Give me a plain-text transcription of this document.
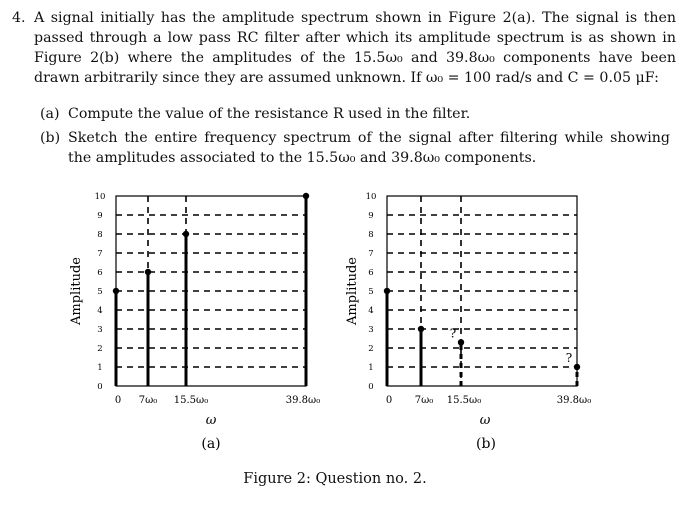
4. A signal initially has the amplitude spectrum shown in Figure 2(a). The signal is then passed through a low pass RC filter after which its amplitude spectrum is as shown in Figure 2(b) where the amplitudes of the 15.5ω₀ and 39.8ω₀ components have been drawn arbitrarily since they are assumed unknown. If ω₀ = 100 rad/s and C = 0.05 μF:
(a) Compute the value of the resistance R used in the filter.
(b) Sketch the entire frequency spectrum of the signal after filtering while showing the amplitudes associated to the 15.5ω₀ and 39.8ω₀ components.
0
1
2
3
4
5
6
7
8
9
10
Amplitude
0 7ω₀ 15.5ω₀	39.8ω₀
ω
(a)
0
1
2
3
4
5
6
7
8
9
10
Amplitude
0 7ω₀ 15.5ω₀	39.8ω₀
ω
(b)
?
?
Figure 2: Question no. 2.
